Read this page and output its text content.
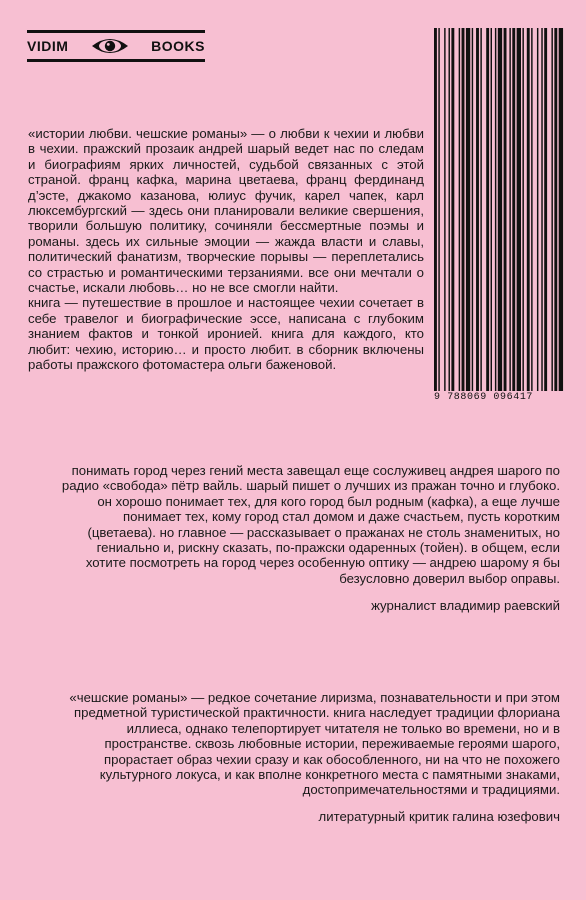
VIDIM	BOOKS
9 788069 096417

«истории любви. чешские романы» — о любви к чехии и любви в чехии. пражский прозаик андрей шарый ведет нас по следам и биографиям ярких личностей, судьбой связанных с этой страной. франц кафка, марина цветаева, франц фердинанд д’эсте, джакомо казанова, юлиус фучик, карел чапек, карл люксембургский — здесь они планировали великие свершения, творили большую политику, сочиняли бессмертные поэмы и романы. здесь их сильные эмоции — жажда власти и славы, политический фанатизм, творческие порывы — переплетались со страстью и романтическими терзаниями. все они мечтали о счастье, искали любовь… но не все смогли найти.

книга — путешествие в прошлое и настоящее чехии сочетает в себе травелог и биографические эссе, написана с глубоким знанием фактов и тонкой иронией. книга для каждого, кто любит: чехию, историю… и просто любит. в сборник включены работы пражского фотомастера ольги баженовой.

понимать город через гений места завещал еще сослуживец андрея шарого по радио «свобода» пётр вайль. шарый пишет о лучших из пражан точно и глубоко. он хорошо понимает тех, для кого город был родным (кафка), а еще лучше понимает тех, кому город стал домом и даже счастьем, пусть коротким (цветаева). но главное — рассказывает о пражанах не столь знаменитых, но гениально и, рискну сказать, по-пражски одаренных (тойен). в общем, если хотите посмотреть на город через особенную оптику — андрею шарому я бы безусловно доверил выбор оправы.

журналист владимир раевский

«чешские романы» — редкое сочетание лиризма, познавательности и при этом предметной туристической практичности. книга наследует традиции флориана иллиеса, однако телепортирует читателя не только во времени, но и в пространстве. сквозь любовные истории, переживаемые героями шарого, прорастает образ чехии сразу и как обособленного, ни на что не похожего культурного локуса, и как вполне конкретного места с памятными знаками, достопримечательностями и традициями.

литературный критик галина юзефович
